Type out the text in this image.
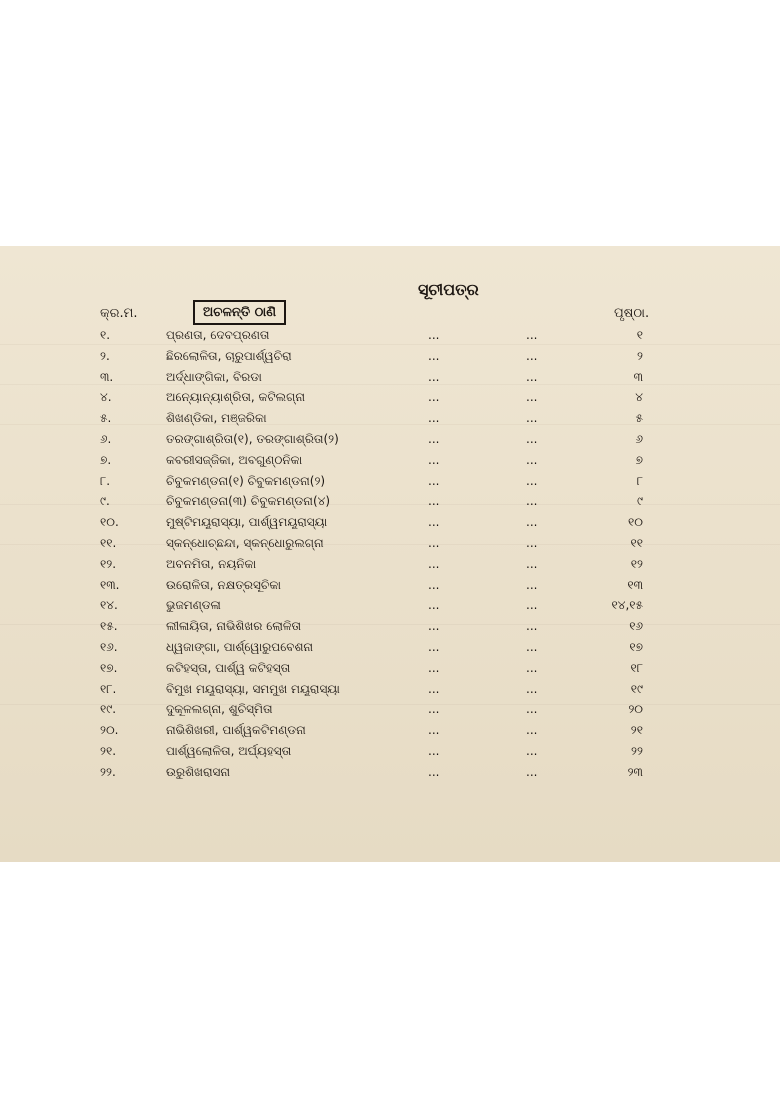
ସୂଚୀପତ୍ର
କ୍ର.ମ.	ଅଚଳନ୍ତି ଠାଣି	ପୃଷ୍ଠା.
୧.	ପ୍ରଣତା, ଦେବପ୍ରଣତା	...	...	୧
୨.	ଛିରଲୋଳିତା, ଚାରୁପାର୍ଶ୍ୱଚିରା	...	...	୨
୩.	ଅର୍ଦ୍ଧାଙ୍ଗିକା, ବିରଡା	...	...	୩
୪.	ଅନ୍ୟୋନ୍ୟାଶ୍ରିତା, କଟିଲଗ୍ନା	...	...	୪
୫.	ଶିଖଣ୍ଡିକା, ମଞ୍ଜରିକା	...	...	୫
୬.	ତରଙ୍ଗାଶ୍ରିତା(୧), ତରଙ୍ଗାଶ୍ରିତା(୨)	...	...	୬
୭.	କବରୀସଜ୍ଜିକା, ଅବଗୁଣ୍ଠନିକା	...	...	୭
୮.	ଚିବୁକମଣ୍ଡନା(୧) ଚିବୁକମଣ୍ଡନା(୨)	...	...	୮
୯.	ଚିବୁକମଣ୍ଡନା(୩) ଚିବୁକମଣ୍ଡନା(୪)	...	...	୯
୧୦.	ମୁଷ୍ଟିମୟୂରାସ୍ୟା, ପାର୍ଶ୍ୱମୟୂରାସ୍ୟା	...	...	୧୦
୧୧.	ସ୍କନ୍ଧୋଚ୍ଛନ୍ଦା, ସ୍କନ୍ଧୋରୁଲଗ୍ନା	...	...	୧୧
୧୨.	ଅବନମିତା, ନୟନିକା	...	...	୧୨
୧୩.	ଉରୋଳିତା, ନକ୍ଷତ୍ରସୂଚିକା	...	...	୧୩
୧୪.	ଭୁଜମଣ୍ଡଳା	...	...	୧୪,୧୫
୧୫.	ଲୀଳାୟିତା, ନାଭିଶିଖର ଲୋଳିତା	...	...	୧୬
୧୬.	ଧ୍ୱଜାଙ୍ଗା, ପାର୍ଶ୍ୱୋରୁପବେଶନା	...	...	୧୭
୧୭.	କଟିହସ୍ତା, ପାର୍ଶ୍ୱ କଟିହସ୍ତା	...	...	୧୮
୧୮.	ବିମୁଖ ମୟୂରାସ୍ୟା, ସମମୁଖ ମୟୂରାସ୍ୟା	...	...	୧୯
୧୯.	ଦୁକୂଳଲଗ୍ନା, ଶୁଚିସ୍ମିତା	...	...	୨୦
୨୦.	ନାଭିଶିଖରୀ, ପାର୍ଶ୍ୱକଟିମଣ୍ଡନା	...	...	୨୧
୨୧.	ପାର୍ଶ୍ୱଲୋଳିତା, ଅର୍ଘ୍ୟହସ୍ତା	...	...	୨୨
୨୨.	ଉରୁଶିଖରାସନା	...	...	୨୩
